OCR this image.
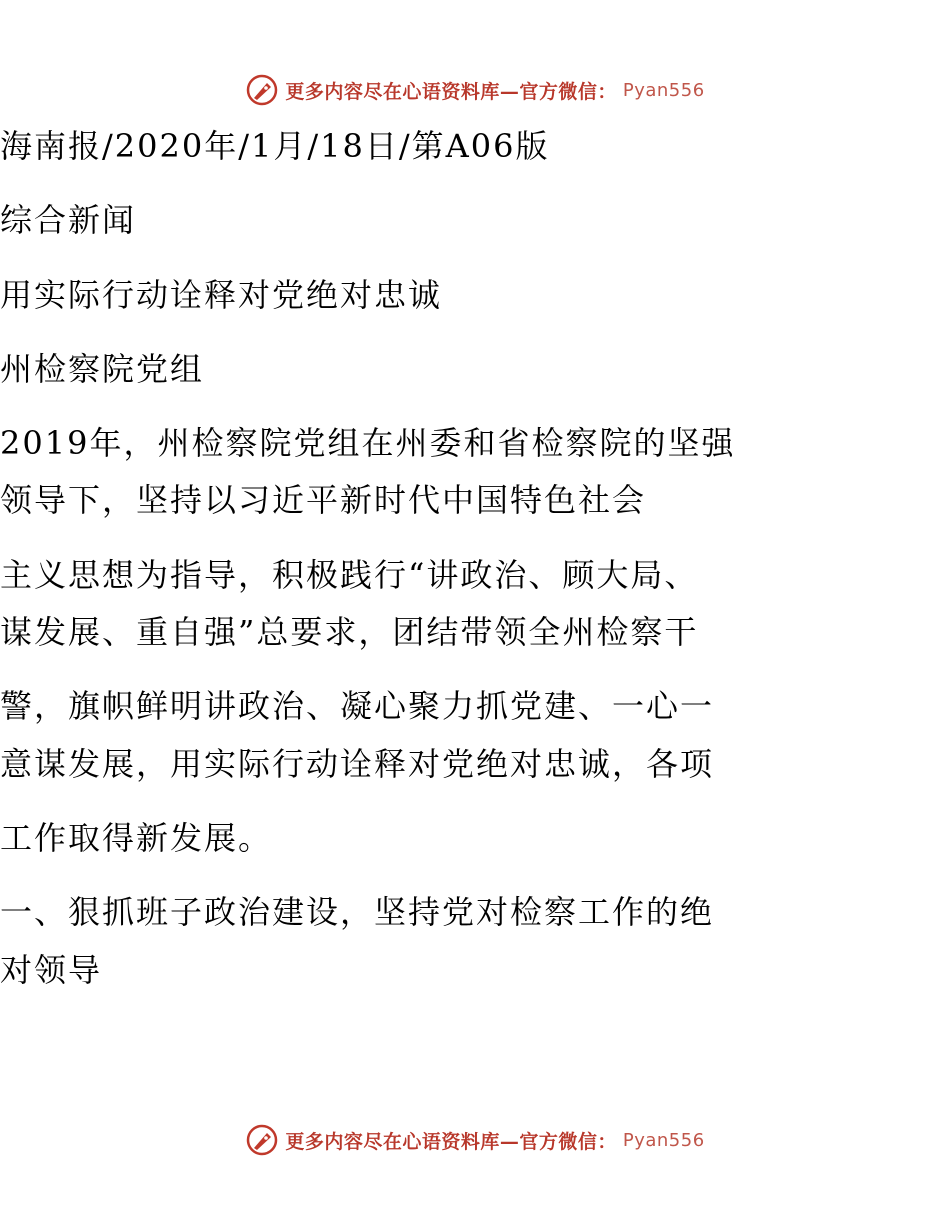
更多内容尽在心语资料库—官方微信： Pyan556
海南报/2020年/1月/18日/第A06版
综合新闻
用实际行动诠释对党绝对忠诚
州检察院党组
2019年，州检察院党组在州委和省检察院的坚强
领导下，坚持以习近平新时代中国特色社会
主义思想为指导，积极践行“讲政治、顾大局、
谋发展、重自强”总要求，团结带领全州检察干
警，旗帜鲜明讲政治、凝心聚力抓党建、一心一
意谋发展，用实际行动诠释对党绝对忠诚，各项
工作取得新发展。
一、狠抓班子政治建设，坚持党对检察工作的绝
对领导
更多内容尽在心语资料库—官方微信： Pyan556
